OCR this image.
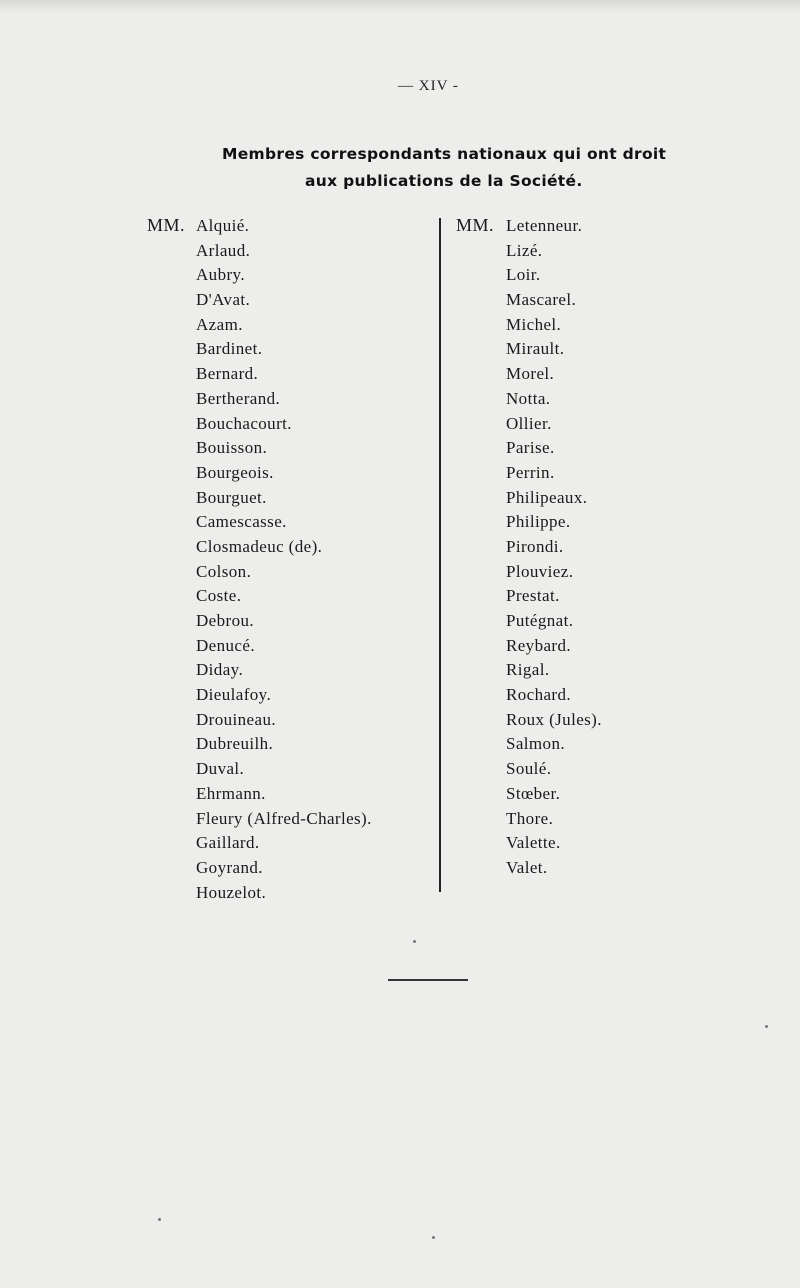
— XIV -
Membres correspondants nationaux qui ont droit
aux publications de la Société.
MM. Alquié.
Arlaud.
Aubry.
D'Avat.
Azam.
Bardinet.
Bernard.
Bertherand.
Bouchacourt.
Bouisson.
Bourgeois.
Bourguet.
Camescasse.
Closmadeuc (de).
Colson.
Coste.
Debrou.
Denucé.
Diday.
Dieulafoy.
Drouineau.
Dubreuilh.
Duval.
Ehrmann.
Fleury (Alfred-Charles).
Gaillard.
Goyrand.
Houzelot.
MM. Letenneur.
Lizé.
Loir.
Mascarel.
Michel.
Mirault.
Morel.
Notta.
Ollier.
Parise.
Perrin.
Philipeaux.
Philippe.
Pirondi.
Plouviez.
Prestat.
Putégnat.
Reybard.
Rigal.
Rochard.
Roux (Jules).
Salmon.
Soulé.
Stœber.
Thore.
Valette.
Valet.
